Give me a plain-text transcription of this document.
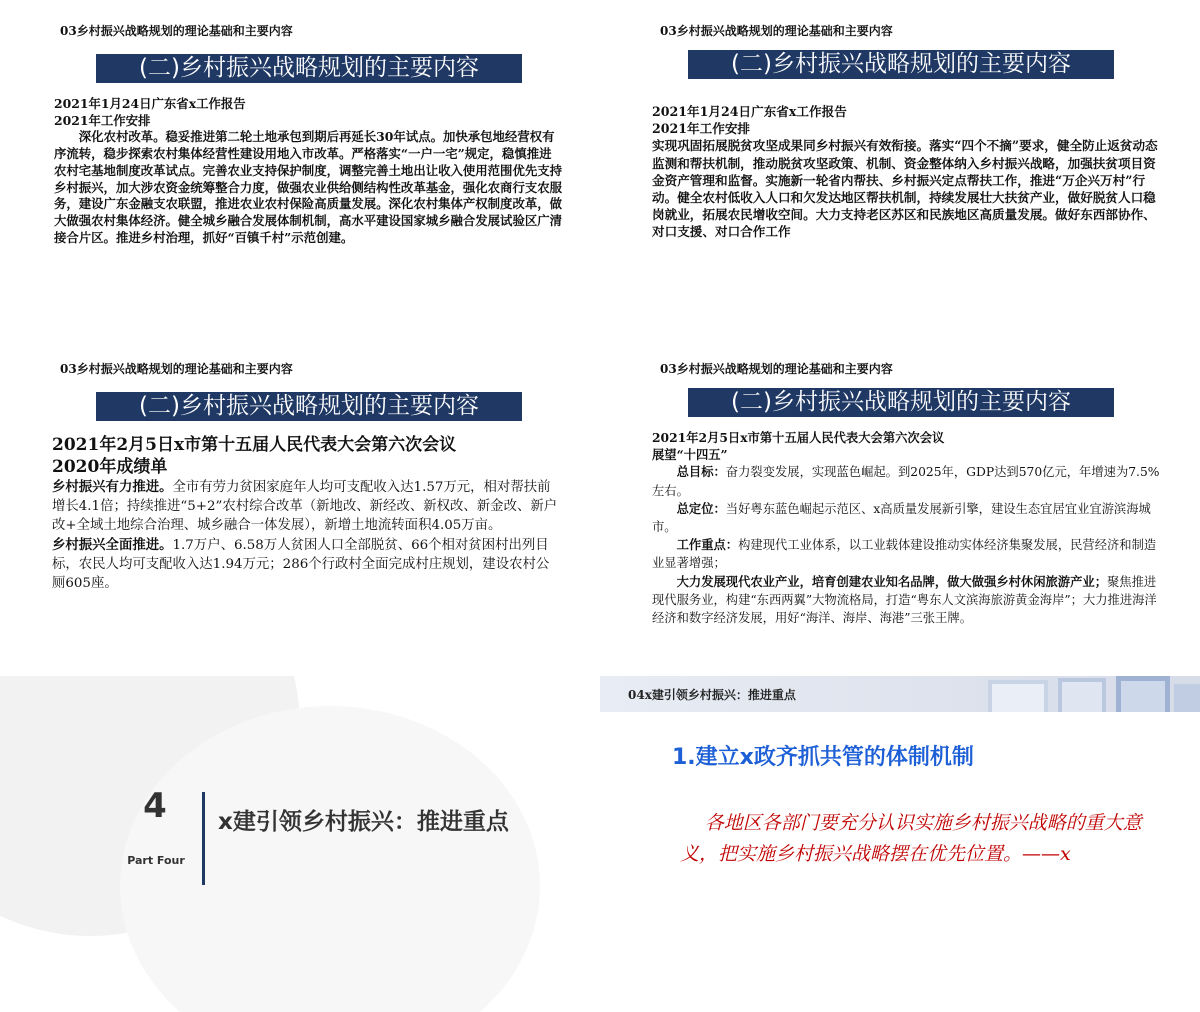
03乡村振兴战略规划的理论基础和主要内容
(二)乡村振兴战略规划的主要内容

2021年1月24日广东省x工作报告

2021年工作安排

深化农村改革。稳妥推进第二轮土地承包到期后再延长30年试点。加快承包地经营权有序流转，稳步探索农村集体经营性建设用地入市改革。严格落实“一户一宅”规定，稳慎推进农村宅基地制度改革试点。完善农业支持保护制度，调整完善土地出让收入使用范围优先支持乡村振兴，加大涉农资金统筹整合力度，做强农业供给侧结构性改革基金，强化农商行支农服务，建设广东金融支农联盟，推进农业农村保险高质量发展。深化农村集体产权制度改革，做大做强农村集体经济。健全城乡融合发展体制机制，高水平建设国家城乡融合发展试验区广清接合片区。推进乡村治理，抓好“百镇千村”示范创建。

03乡村振兴战略规划的理论基础和主要内容
(二)乡村振兴战略规划的主要内容

2021年1月24日广东省x工作报告

2021年工作安排

实现巩固拓展脱贫攻坚成果同乡村振兴有效衔接。落实“四个不摘”要求，健全防止返贫动态监测和帮扶机制，推动脱贫攻坚政策、机制、资金整体纳入乡村振兴战略，加强扶贫项目资金资产管理和监督。实施新一轮省内帮扶、乡村振兴定点帮扶工作，推进“万企兴万村”行动。健全农村低收入人口和欠发达地区帮扶机制，持续发展壮大扶贫产业，做好脱贫人口稳岗就业，拓展农民增收空间。大力支持老区苏区和民族地区高质量发展。做好东西部协作、对口支援、对口合作工作

03乡村振兴战略规划的理论基础和主要内容
(二)乡村振兴战略规划的主要内容

2021年2月5日x市第十五届人民代表大会第六次会议

2020年成绩单

乡村振兴有力推进。全市有劳力贫困家庭年人均可支配收入达1.57万元，相对帮扶前增长4.1倍；持续推进“5+2”农村综合改革（新地改、新经改、新权改、新金改、新户改+全域土地综合治理、城乡融合一体发展），新增土地流转面积4.05万亩。

乡村振兴全面推进。1.7万户、6.58万人贫困人口全部脱贫、66个相对贫困村出列目标，农民人均可支配收入达1.94万元；286个行政村全面完成村庄规划，建设农村公厕605座。

03乡村振兴战略规划的理论基础和主要内容
(二)乡村振兴战略规划的主要内容

2021年2月5日x市第十五届人民代表大会第六次会议

展望“十四五”

总目标：奋力裂变发展，实现蓝色崛起。到2025年，GDP达到570亿元，年增速为7.5%左右。

总定位：当好粤东蓝色崛起示范区、x高质量发展新引擎，建设生态宜居宜业宜游滨海城市。

工作重点：构建现代工业体系，以工业载体建设推动实体经济集聚发展，民营经济和制造业显著增强；

大力发展现代农业产业，培育创建农业知名品牌，做大做强乡村休闲旅游产业；聚焦推进现代服务业，构建“东西两翼”大物流格局，打造“粤东人文滨海旅游黄金海岸”；大力推进海洋经济和数字经济发展，用好“海洋、海岸、海港”三张王牌。

4
Part Four
x建引领乡村振兴：推进重点
04x建引领乡村振兴：推进重点
1.建立x政齐抓共管的体制机制
各地区各部门要充分认识实施乡村振兴战略的重大意义，把实施乡村振兴战略摆在优先位置。——x
